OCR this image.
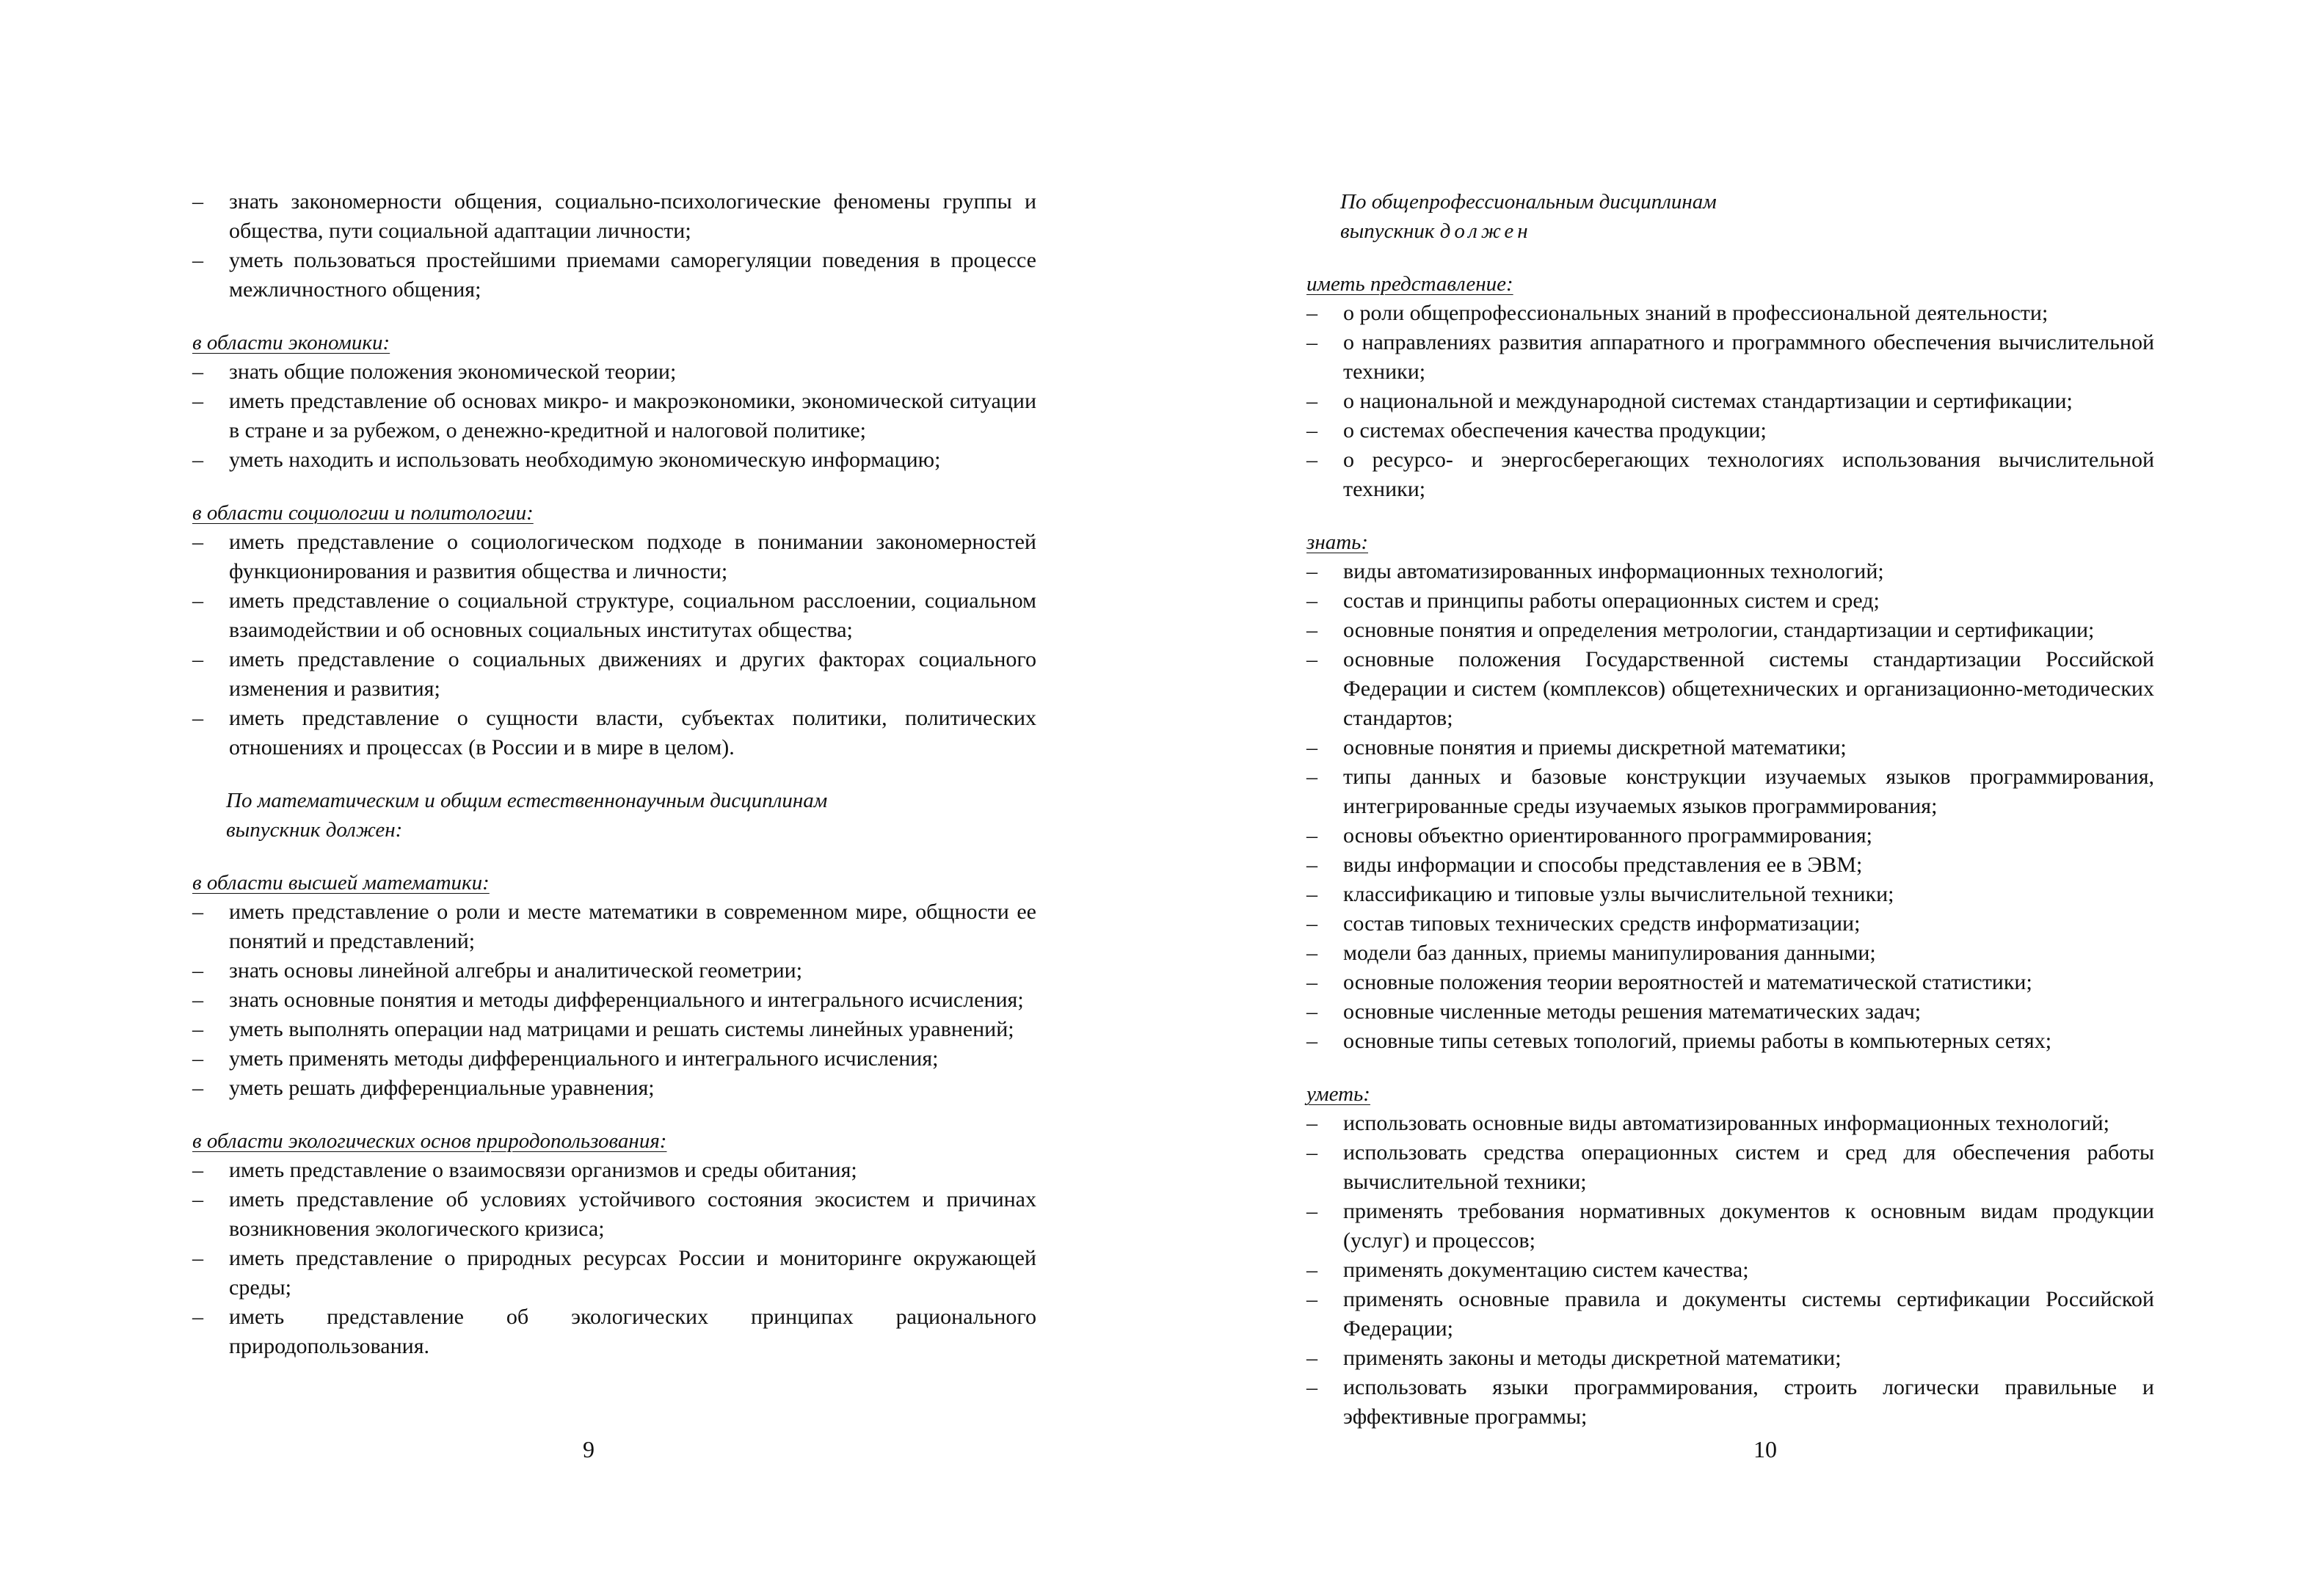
– знать закономерности общения, социально-психологические феномены группы и общества, пути социальной адаптации личности;
– уметь пользоваться простейшими приемами саморегуляции поведения в процессе межличностного общения;

в области экономики:

– знать общие положения экономической теории;
– иметь представление об основах микро- и макроэкономики, экономической ситуации в стране и за рубежом, о денежно-кредитной и налоговой политике;
– уметь находить и использовать необходимую экономическую информацию;

в области социологии и политологии:

– иметь представление о социологическом подходе в понимании закономерностей функционирования и развития общества и личности;
– иметь представление о социальной структуре, социальном расслоении, социальном взаимодействии и об основных социальных институтах общества;
– иметь представление о социальных движениях и других факторах социального изменения и развития;
– иметь представление о сущности власти, субъектах политики, политических отношениях и процессах (в России и в мире в целом).

По математическим и общим естественнонаучным дисциплинам

выпускник должен:

в области высшей математики:

– иметь представление о роли и месте математики в современном мире, общности ее понятий и представлений;
– знать основы линейной алгебры и аналитической геометрии;
– знать основные понятия и методы дифференциального и интегрального исчисления;
– уметь выполнять операции над матрицами и решать системы линейных уравнений;
– уметь применять методы дифференциального и интегрального исчисления;
– уметь решать дифференциальные уравнения;

в области экологических основ природопользования:

– иметь представление о взаимосвязи организмов и среды обитания;
– иметь представление об условиях устойчивого состояния экосистем и причинах возникновения экологического кризиса;
– иметь представление о природных ресурсах России и мониторинге окружающей среды;
– иметь представление об экологических принципах рационального природопользования.
9

По общепрофессиональным дисциплинам

выпускник должен

иметь представление:

– о роли общепрофессиональных знаний в профессиональной деятельности;
– о направлениях развития аппаратного и программного обеспечения вычислительной техники;
– о национальной и международной системах стандартизации и сертификации;
– о системах обеспечения качества продукции;
– о ресурсо- и энергосберегающих технологиях использования вычислительной техники;

знать:

– виды автоматизированных информационных технологий;
– состав и принципы работы операционных систем и сред;
– основные понятия и определения метрологии, стандартизации и сертификации;
– основные положения Государственной системы стандартизации Российской Федерации и систем (комплексов) общетехнических и организационно-методических стандартов;
– основные понятия и приемы дискретной математики;
– типы данных и базовые конструкции изучаемых языков программирования, интегрированные среды изучаемых языков программирования;
– основы объектно ориентированного программирования;
– виды информации и способы представления ее в ЭВМ;
– классификацию и типовые узлы вычислительной техники;
– состав типовых технических средств информатизации;
– модели баз данных, приемы манипулирования данными;
– основные положения теории вероятностей и математической статистики;
– основные численные методы решения математических задач;
– основные типы сетевых топологий, приемы работы в компьютерных сетях;

уметь:

– использовать основные виды автоматизированных информационных технологий;
– использовать средства операционных систем и сред для обеспечения работы вычислительной техники;
– применять требования нормативных документов к основным видам продукции (услуг) и процессов;
– применять документацию систем качества;
– применять основные правила и документы системы сертификации Российской Федерации;
– применять законы и методы дискретной математики;
– использовать языки программирования, строить логически правильные и эффективные программы;
10
